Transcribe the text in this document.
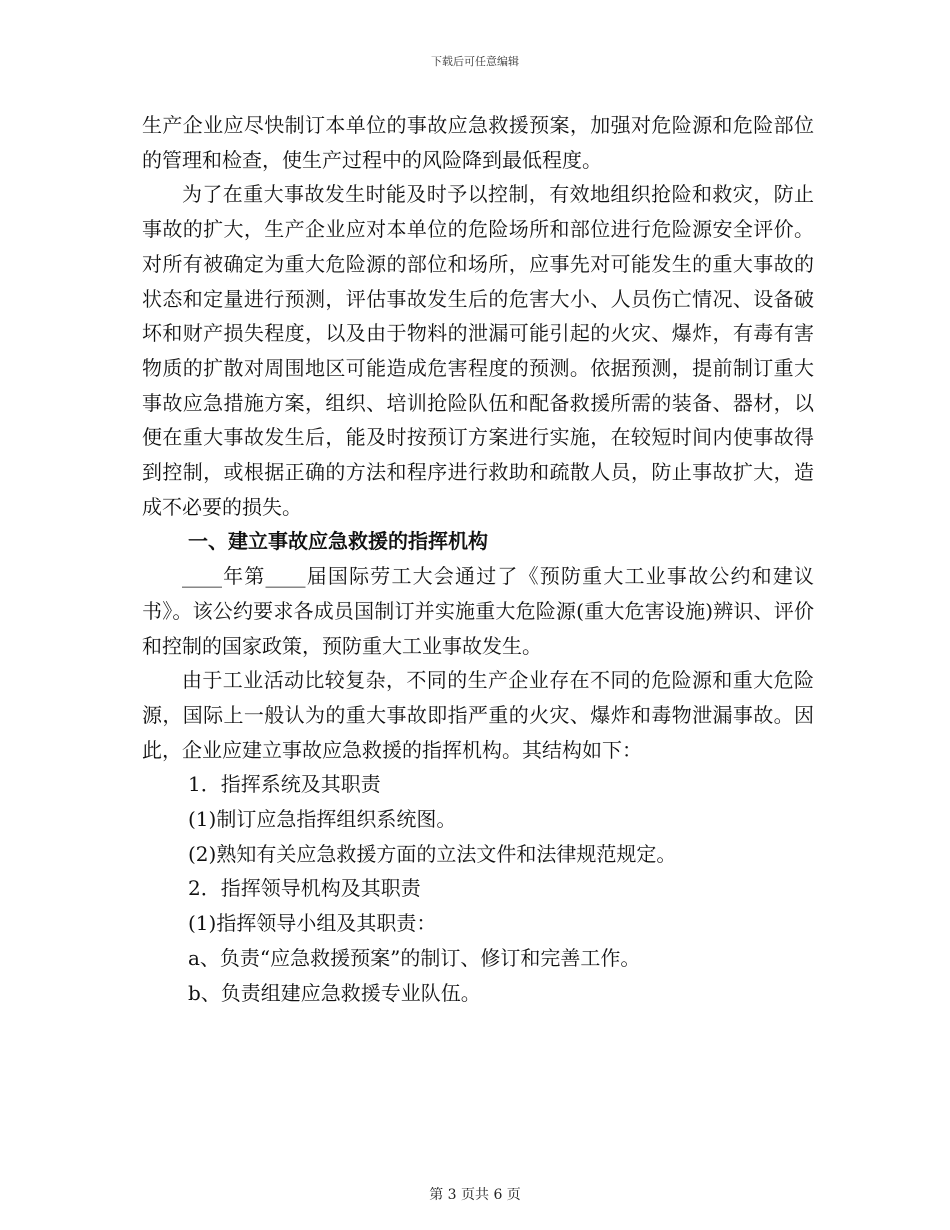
下载后可任意编辑

生产企业应尽快制订本单位的事故应急救援预案，加强对危险源和危险部位的管理和检查，使生产过程中的风险降到最低程度。

为了在重大事故发生时能及时予以控制，有效地组织抢险和救灾，防止事故的扩大，生产企业应对本单位的危险场所和部位进行危险源安全评价。对所有被确定为重大危险源的部位和场所，应事先对可能发生的重大事故的状态和定量进行预测，评估事故发生后的危害大小、人员伤亡情况、设备破坏和财产损失程度，以及由于物料的泄漏可能引起的火灾、爆炸，有毒有害物质的扩散对周围地区可能造成危害程度的预测。依据预测，提前制订重大事故应急措施方案，组织、培训抢险队伍和配备救援所需的装备、器材，以便在重大事故发生后，能及时按预订方案进行实施，在较短时间内使事故得到控制，或根据正确的方法和程序进行救助和疏散人员，防止事故扩大，造成不必要的损失。

一、建立事故应急救援的指挥机构

____年第____届国际劳工大会通过了《预防重大工业事故公约和建议书》。该公约要求各成员国制订并实施重大危险源(重大危害设施)辨识、评价和控制的国家政策，预防重大工业事故发生。

由于工业活动比较复杂，不同的生产企业存在不同的危险源和重大危险源，国际上一般认为的重大事故即指严重的火灾、爆炸和毒物泄漏事故。因此，企业应建立事故应急救援的指挥机构。其结构如下：

1．指挥系统及其职责

(1)制订应急指挥组织系统图。

(2)熟知有关应急救援方面的立法文件和法律规范规定。

2．指挥领导机构及其职责

(1)指挥领导小组及其职责：

a、负责“应急救援预案”的制订、修订和完善工作。

b、负责组建应急救援专业队伍。

第 3 页共 6 页
